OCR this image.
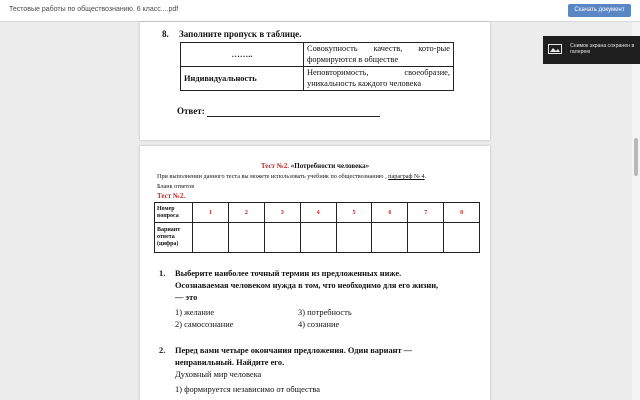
Тестовые работы по обществознанию. 6 класс....pdf	Скачать документ
8. Заполните пропуск в таблице.
……..	Совокупность качеств, кото-рые формируются в обществе
Индивидуальность	Неповторимость, своеобразие, уникальность каждого человека
Ответ:
Тест №2. «Потребности человека»
При выполнении данного теста вы можете использовать учебник по обществознанию , параграф № 4.
Бланк ответов
Тест №2.
Номер вопроса	1	2	3	4	5	6	7	8
Вариант ответа (цифра)								
1. Выберите наиболее точный термин из предложенных ниже. Осознаваемая человеком нужда в том, что необходимо для его жизни, — это
1) желание	3) потребность
2) самосознание	4) сознание
2. Перед вами четыре окончания предложения. Один вариант — неправильный. Найдите его.
Духовный мир человека
1) формируется независимо от общества
Снимок экрана сохранен в галерею
